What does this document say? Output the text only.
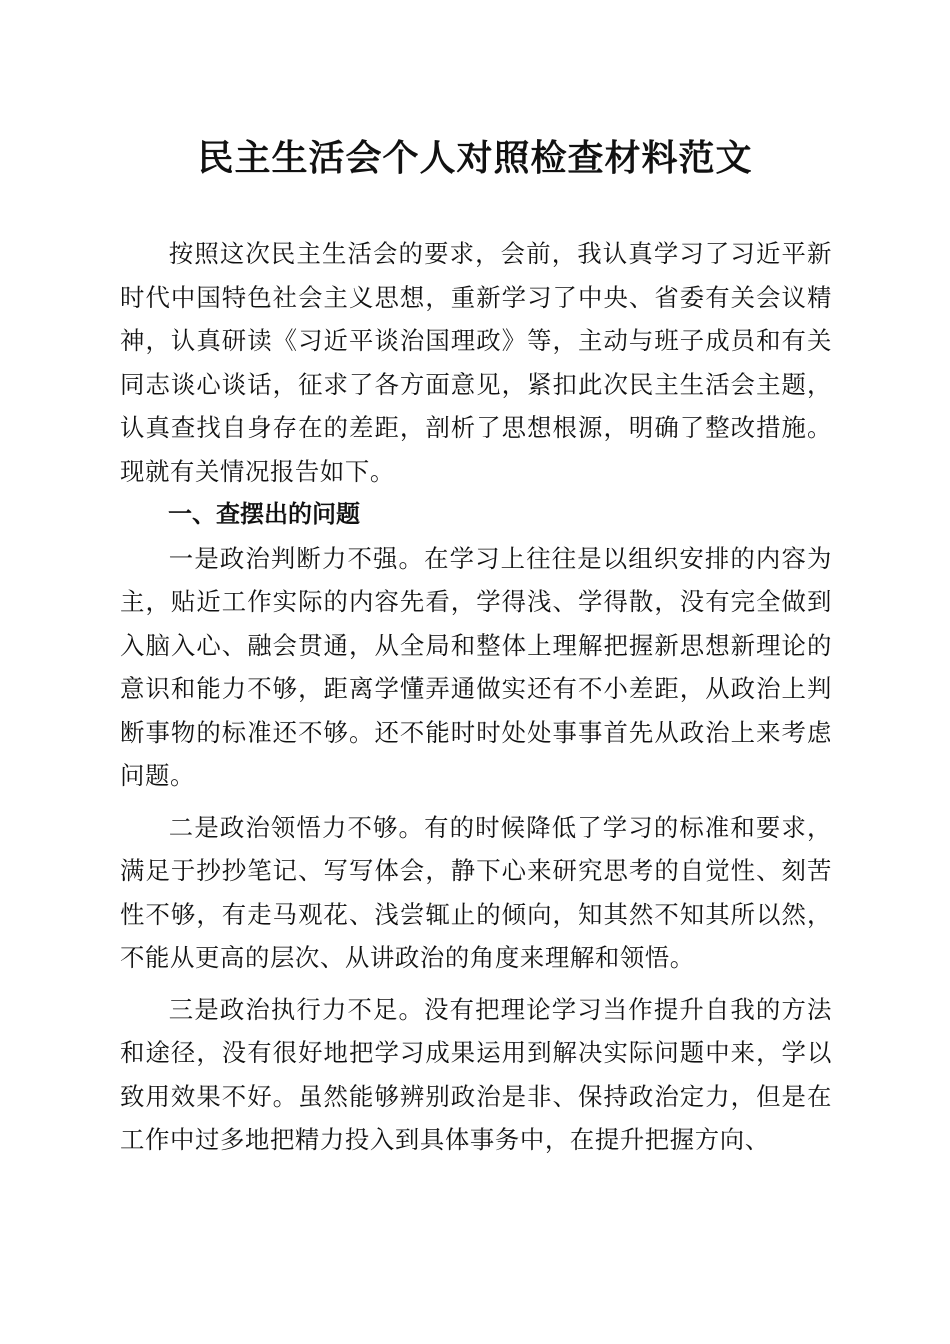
民主生活会个人对照检查材料范文

按照这次民主生活会的要求，会前，我认真学习了习近平新时代中国特色社会主义思想，重新学习了中央、省委有关会议精神，认真研读《习近平谈治国理政》等，主动与班子成员和有关同志谈心谈话，征求了各方面意见，紧扣此次民主生活会主题，认真查找自身存在的差距，剖析了思想根源，明确了整改措施。现就有关情况报告如下。

一、查摆出的问题

一是政治判断力不强。在学习上往往是以组织安排的内容为主，贴近工作实际的内容先看，学得浅、学得散，没有完全做到入脑入心、融会贯通，从全局和整体上理解把握新思想新理论的意识和能力不够，距离学懂弄通做实还有不小差距，从政治上判断事物的标准还不够。还不能时时处处事事首先从政治上来考虑问题。

二是政治领悟力不够。有的时候降低了学习的标准和要求，满足于抄抄笔记、写写体会，静下心来研究思考的自觉性、刻苦性不够，有走马观花、浅尝辄止的倾向，知其然不知其所以然，不能从更高的层次、从讲政治的角度来理解和领悟。

三是政治执行力不足。没有把理论学习当作提升自我的方法和途径，没有很好地把学习成果运用到解决实际问题中来，学以致用效果不好。虽然能够辨别政治是非、保持政治定力，但是在工作中过多地把精力投入到具体事务中，在提升把握方向、
